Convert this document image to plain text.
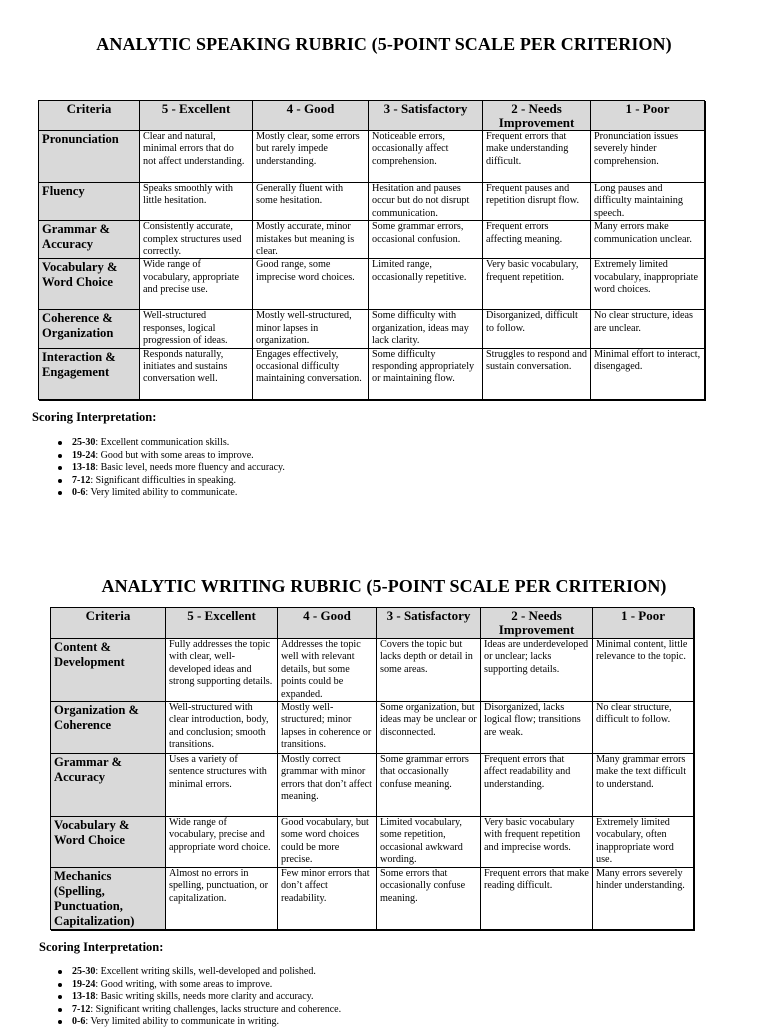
ANALYTIC SPEAKING RUBRIC (5-POINT SCALE PER CRITERION)
Criteria	5 - Excellent	4 - Good	3 - Satisfactory	2 - Needs Improvement	1 - Poor
Pronunciation	Clear and natural, minimal errors that do not affect understanding.	Mostly clear, some errors but rarely impede understanding.	Noticeable errors, occasionally affect comprehension.	Frequent errors that make understanding difficult.	Pronunciation issues severely hinder comprehension.
Fluency	Speaks smoothly with little hesitation.	Generally fluent with some hesitation.	Hesitation and pauses occur but do not disrupt communication.	Frequent pauses and repetition disrupt flow.	Long pauses and difficulty maintaining speech.
Grammar & Accuracy	Consistently accurate, complex structures used correctly.	Mostly accurate, minor mistakes but meaning is clear.	Some grammar errors, occasional confusion.	Frequent errors affecting meaning.	Many errors make communication unclear.
Vocabulary & Word Choice	Wide range of vocabulary, appropriate and precise use.	Good range, some imprecise word choices.	Limited range, occasionally repetitive.	Very basic vocabulary, frequent repetition.	Extremely limited vocabulary, inappropriate word choices.
Coherence & Organization	Well-structured responses, logical progression of ideas.	Mostly well-structured, minor lapses in organization.	Some difficulty with organization, ideas may lack clarity.	Disorganized, difficult to follow.	No clear structure, ideas are unclear.
Interaction & Engagement	Responds naturally, initiates and sustains conversation well.	Engages effectively, occasional difficulty maintaining conversation.	Some difficulty responding appropriately or maintaining flow.	Struggles to respond and sustain conversation.	Minimal effort to interact, disengaged.

Scoring Interpretation:

25-30: Excellent communication skills.
19-24: Good but with some areas to improve.
13-18: Basic level, needs more fluency and accuracy.
7-12: Significant difficulties in speaking.
0-6: Very limited ability to communicate.
ANALYTIC WRITING RUBRIC (5-POINT SCALE PER CRITERION)
Criteria	5 - Excellent	4 - Good	3 - Satisfactory	2 - Needs Improvement	1 - Poor
Content & Development	Fully addresses the topic with clear, well-developed ideas and strong supporting details.	Addresses the topic well with relevant details, but some points could be expanded.	Covers the topic but lacks depth or detail in some areas.	Ideas are underdeveloped or unclear; lacks supporting details.	Minimal content, little relevance to the topic.
Organization & Coherence	Well-structured with clear introduction, body, and conclusion; smooth transitions.	Mostly well-structured; minor lapses in coherence or transitions.	Some organization, but ideas may be unclear or disconnected.	Disorganized, lacks logical flow; transitions are weak.	No clear structure, difficult to follow.
Grammar & Accuracy	Uses a variety of sentence structures with minimal errors.	Mostly correct grammar with minor errors that don’t affect meaning.	Some grammar errors that occasionally confuse meaning.	Frequent errors that affect readability and understanding.	Many grammar errors make the text difficult to understand.
Vocabulary & Word Choice	Wide range of vocabulary, precise and appropriate word choice.	Good vocabulary, but some word choices could be more precise.	Limited vocabulary, some repetition, occasional awkward wording.	Very basic vocabulary with frequent repetition and imprecise words.	Extremely limited vocabulary, often inappropriate word use.
Mechanics (Spelling, Punctuation, Capitalization)	Almost no errors in spelling, punctuation, or capitalization.	Few minor errors that don’t affect readability.	Some errors that occasionally confuse meaning.	Frequent errors that make reading difficult.	Many errors severely hinder understanding.

Scoring Interpretation:

25-30: Excellent writing skills, well-developed and polished.
19-24: Good writing, with some areas to improve.
13-18: Basic writing skills, needs more clarity and accuracy.
7-12: Significant writing challenges, lacks structure and coherence.
0-6: Very limited ability to communicate in writing.
